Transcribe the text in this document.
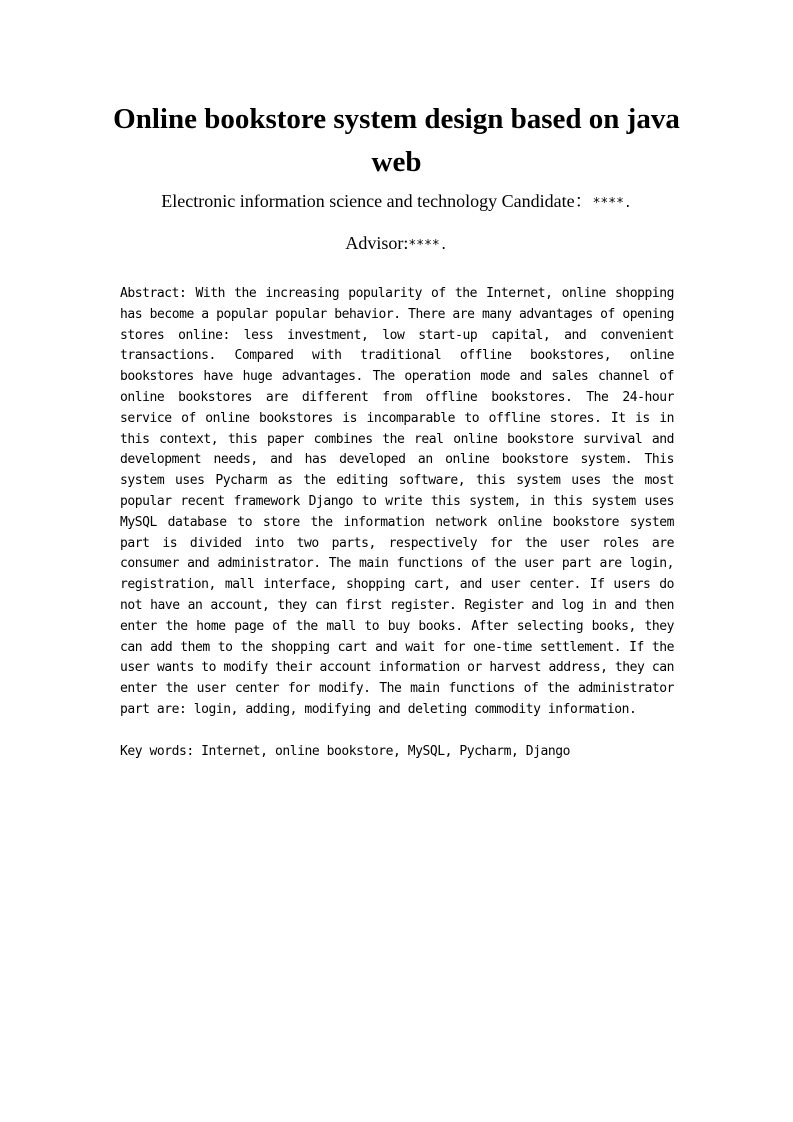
Online bookstore system design based on java web

Electronic information science and technology Candidate：****.

Advisor:****.

Abstract: With the increasing popularity of the Internet, online shopping has become a popular popular behavior. There are many advantages of opening stores online: less investment, low start-up capital, and convenient transactions. Compared with traditional offline bookstores, online bookstores have huge advantages. The operation mode and sales channel of online bookstores are different from offline bookstores. The 24-hour service of online bookstores is incomparable to offline stores. It is in this context, this paper combines the real online bookstore survival and development needs, and has developed an online bookstore system. This system uses Pycharm as the editing software, this system uses the most popular recent framework Django to write this system, in this system uses MySQL database to store the information network online bookstore system part is divided into two parts, respectively for the user roles are consumer and administrator. The main functions of the user part are login, registration, mall interface, shopping cart, and user center. If users do not have an account, they can first register. Register and log in and then enter the home page of the mall to buy books. After selecting books, they can add them to the shopping cart and wait for one-time settlement. If the user wants to modify their account information or harvest address, they can enter the user center for modify. The main functions of the administrator part are: login, adding, modifying and deleting commodity information.

Key words: Internet, online bookstore, MySQL, Pycharm, Django
